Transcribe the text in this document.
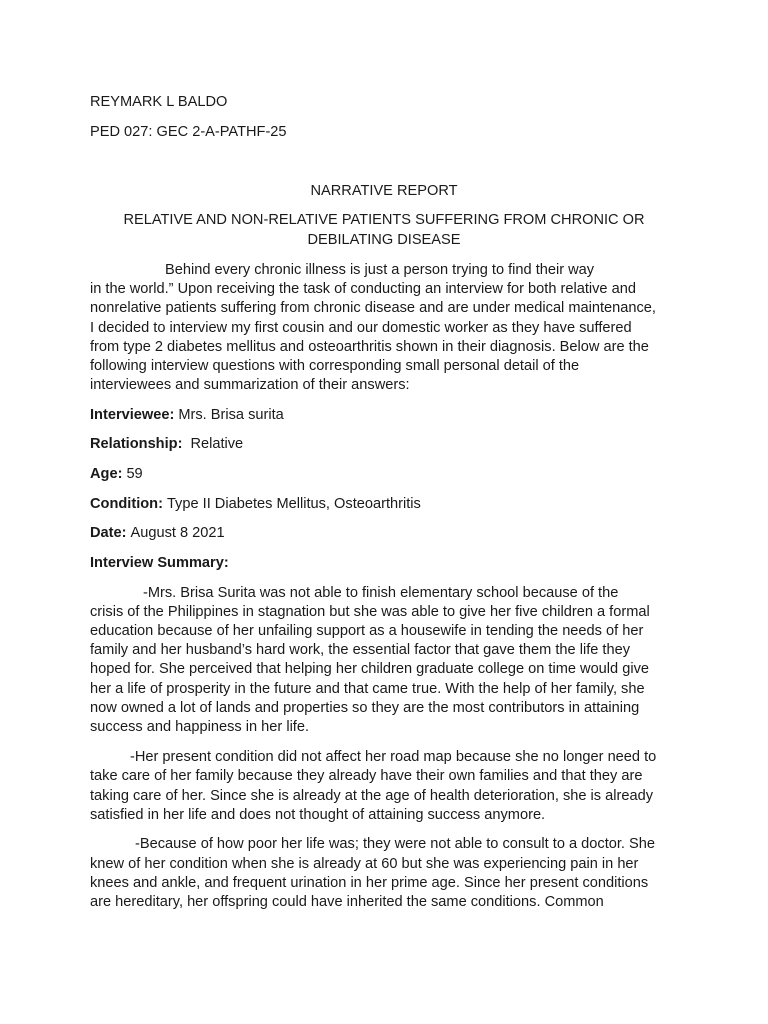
REYMARK L BALDO
PED 027: GEC 2-A-PATHF-25
NARRATIVE REPORT
RELATIVE AND NON-RELATIVE PATIENTS SUFFERING FROM CHRONIC OR
DEBILATING DISEASE
Behind every chronic illness is just a person trying to find their way
in the world.” Upon receiving the task of conducting an interview for both relative and
nonrelative patients suffering from chronic disease and are under medical maintenance,
I decided to interview my first cousin and our domestic worker as they have suffered
from type 2 diabetes mellitus and osteoarthritis shown in their diagnosis. Below are the
following interview questions with corresponding small personal detail of the
interviewees and summarization of their answers:
Interviewee: Mrs. Brisa surita
Relationship: Relative
Age: 59
Condition: Type II Diabetes Mellitus, Osteoarthritis
Date: August 8 2021
Interview Summary:
-Mrs. Brisa Surita was not able to finish elementary school because of the
crisis of the Philippines in stagnation but she was able to give her five children a formal
education because of her unfailing support as a housewife in tending the needs of her
family and her husband’s hard work, the essential factor that gave them the life they
hoped for. She perceived that helping her children graduate college on time would give
her a life of prosperity in the future and that came true. With the help of her family, she
now owned a lot of lands and properties so they are the most contributors in attaining
success and happiness in her life.
-Her present condition did not affect her road map because she no longer need to
take care of her family because they already have their own families and that they are
taking care of her. Since she is already at the age of health deterioration, she is already
satisfied in her life and does not thought of attaining success anymore.
-Because of how poor her life was; they were not able to consult to a doctor. She
knew of her condition when she is already at 60 but she was experiencing pain in her
knees and ankle, and frequent urination in her prime age. Since her present conditions
are hereditary, her offspring could have inherited the same conditions. Common
